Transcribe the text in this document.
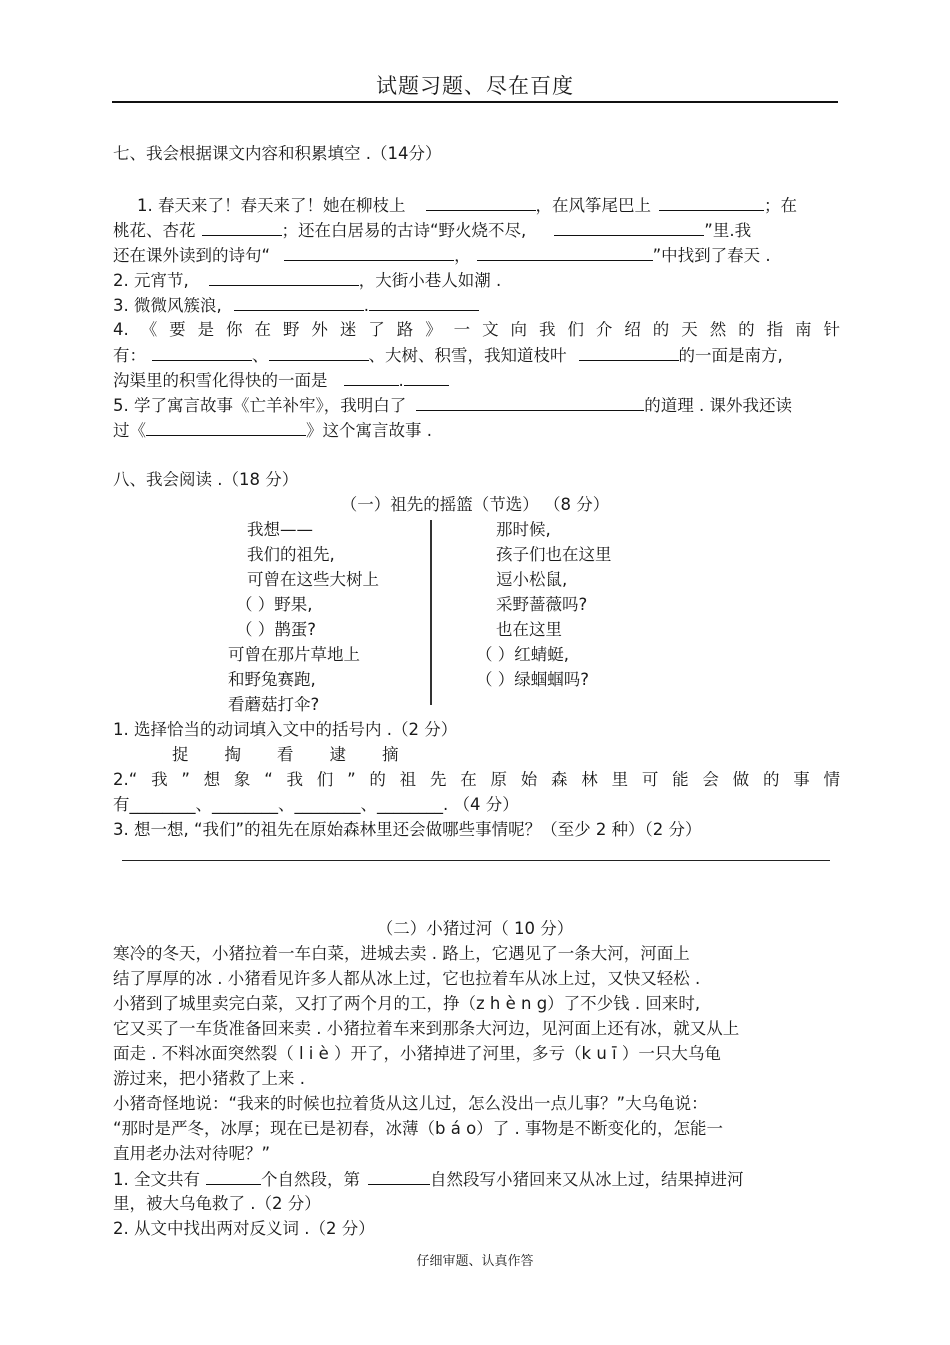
试题习题、尽在百度
七、我会根据课文内容和积累填空 .（14分）
1. 春天来了！春天来了！她在柳枝上	，在风筝尾巴上	；在
桃花、杏花	；还在白居易的古诗“野火烧不尽,	”里.我
还在课外读到的诗句“	，	”中找到了春天 .
2. 元宵节,	，大街小巷人如潮 .
3. 微微风簇浪,	.
4.《要是你在野外迷了路》一文向我们介绍的天然的指南针
有：	、	、大树、积雪，我知道枝叶	的一面是南方,
沟渠里的积雪化得快的一面是	.
5. 学了寓言故事《亡羊补牢》，我明白了	的道理 . 课外我还读
过《	》这个寓言故事 .
八、我会阅读 .（18 分）
（一）祖先的摇篮（节选） （8 分）
我想——
我们的祖先,
可曾在这些大树上
（ ）野果,
（ ）鹊蛋?
可曾在那片草地上
和野兔赛跑,
看蘑菇打伞?
那时候,
孩子们也在这里
逗小松鼠,
采野蔷薇吗?
也在这里
（ ）红蜻蜓,
（ ）绿蝈蝈吗?
1. 选择恰当的动词填入文中的括号内 .（2 分）
捉 掏 看 逮 摘
2.“我”想象“我们”的祖先在原始森林里可能会做的事情
有________、________、________、________. （4 分）
3. 想一想, “我们”的祖先在原始森林里还会做哪些事情呢？（至少 2 种）（2 分）
（二）小猪过河（ 10 分）
寒冷的冬天，小猪拉着一车白菜，进城去卖 . 路上，它遇见了一条大河，河面上
结了厚厚的冰 . 小猪看见许多人都从冰上过，它也拉着车从冰上过，又快又轻松 .
小猪到了城里卖完白菜，又打了两个月的工，挣（z h è n g）了不少钱 . 回来时,
它又买了一车货准备回来卖 . 小猪拉着车来到那条大河边，见河面上还有冰，就又从上
面走 . 不料冰面突然裂（ l i è ）开了，小猪掉进了河里，多亏（k u ī ）一只大乌龟
游过来，把小猪救了上来 .
小猪奇怪地说：“我来的时候也拉着货从这儿过，怎么没出一点儿事？”大乌龟说：
“那时是严冬，冰厚；现在已是初春，冰薄（b á o）了 . 事物是不断变化的，怎能一
直用老办法对待呢？”
1. 全文共有	个自然段，第	自然段写小猪回来又从冰上过，结果掉进河
里，被大乌龟救了 .（2 分）
2. 从文中找出两对反义词 .（2 分）
仔细审题、认真作答
